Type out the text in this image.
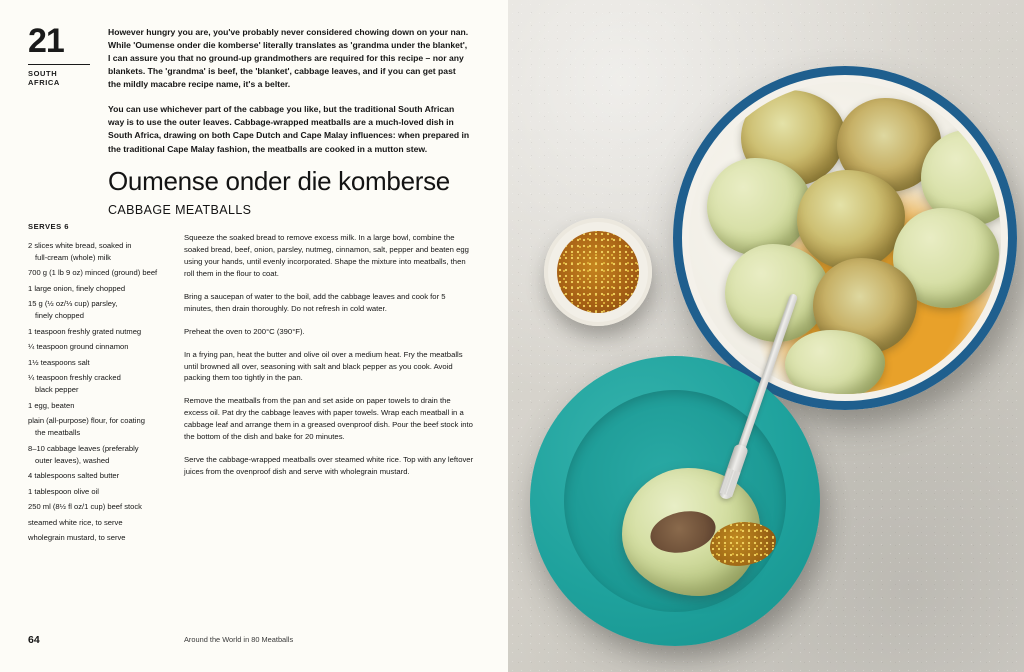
21
SOUTH AFRICA

However hungry you are, you've probably never considered chowing down on your nan. While 'Oumense onder die komberse' literally translates as 'grandma under the blanket', I can assure you that no ground-up grandmothers are required for this recipe – nor any blankets. The 'grandma' is beef, the 'blanket', cabbage leaves, and if you can get past the mildly macabre recipe name, it's a belter.

You can use whichever part of the cabbage you like, but the traditional South African way is to use the outer leaves. Cabbage-wrapped meatballs are a much-loved dish in South Africa, drawing on both Cape Dutch and Cape Malay influences: when prepared in the traditional Cape Malay fashion, the meatballs are cooked in a mutton stew.

Oumense onder die komberse
CABBAGE MEATBALLS
SERVES 6
2 slices white bread, soaked in
full-cream (whole) milk
700 g (1 lb 9 oz) minced (ground) beef
1 large onion, finely chopped
15 g (½ oz/⅓ cup) parsley,
finely chopped
1 teaspoon freshly grated nutmeg
¼ teaspoon ground cinnamon
1½ teaspoons salt
¼ teaspoon freshly cracked
black pepper
1 egg, beaten
plain (all-purpose) flour, for coating
the meatballs
8–10 cabbage leaves (preferably
outer leaves), washed
4 tablespoons salted butter
1 tablespoon olive oil
250 ml (8½ fl oz/1 cup) beef stock
steamed white rice, to serve
wholegrain mustard, to serve

Squeeze the soaked bread to remove excess milk. In a large bowl, combine the soaked bread, beef, onion, parsley, nutmeg, cinnamon, salt, pepper and beaten egg using your hands, until evenly incorporated. Shape the mixture into meatballs, then roll them in the flour to coat.

Bring a saucepan of water to the boil, add the cabbage leaves and cook for 5 minutes, then drain thoroughly. Do not refresh in cold water.

Preheat the oven to 200°C (390°F).

In a frying pan, heat the butter and olive oil over a medium heat. Fry the meatballs until browned all over, seasoning with salt and black pepper as you cook. Avoid packing them too tightly in the pan.

Remove the meatballs from the pan and set aside on paper towels to drain the excess oil. Pat dry the cabbage leaves with paper towels. Wrap each meatball in a cabbage leaf and arrange them in a greased ovenproof dish. Pour the beef stock into the bottom of the dish and bake for 20 minutes.

Serve the cabbage-wrapped meatballs over steamed white rice. Top with any leftover juices from the ovenproof dish and serve with wholegrain mustard.

64	Around the World in 80 Meatballs
